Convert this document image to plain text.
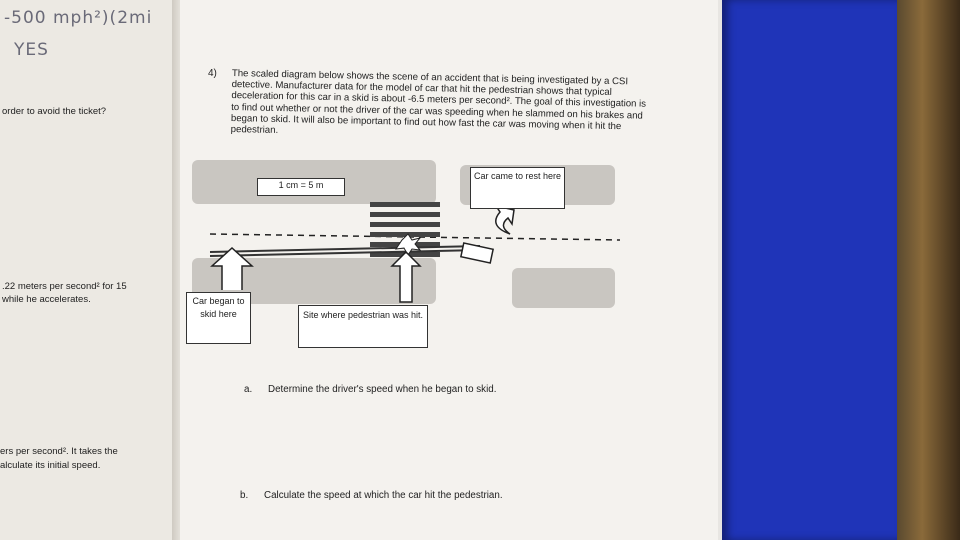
-500 mph²)(2mi
YES
order to avoid the ticket?
.22 meters per second² for 15
while he accelerates.
ers per second². It takes the
alculate its initial speed.
4) The scaled diagram below shows the scene of an accident that is being investigated by a CSI detective. Manufacturer data for the model of car that hit the pedestrian shows that typical deceleration for this car in a skid is about -6.5 meters per second². The goal of this investigation is to find out whether or not the driver of the car was speeding when he slammed on his brakes and began to skid. It will also be important to find out how fast the car was moving when it hit the pedestrian.
1 cm = 5 m
Car came to rest here
Car began to skid here	Site where pedestrian was hit.
a. Determine the driver's speed when he began to skid.
b. Calculate the speed at which the car hit the pedestrian.
